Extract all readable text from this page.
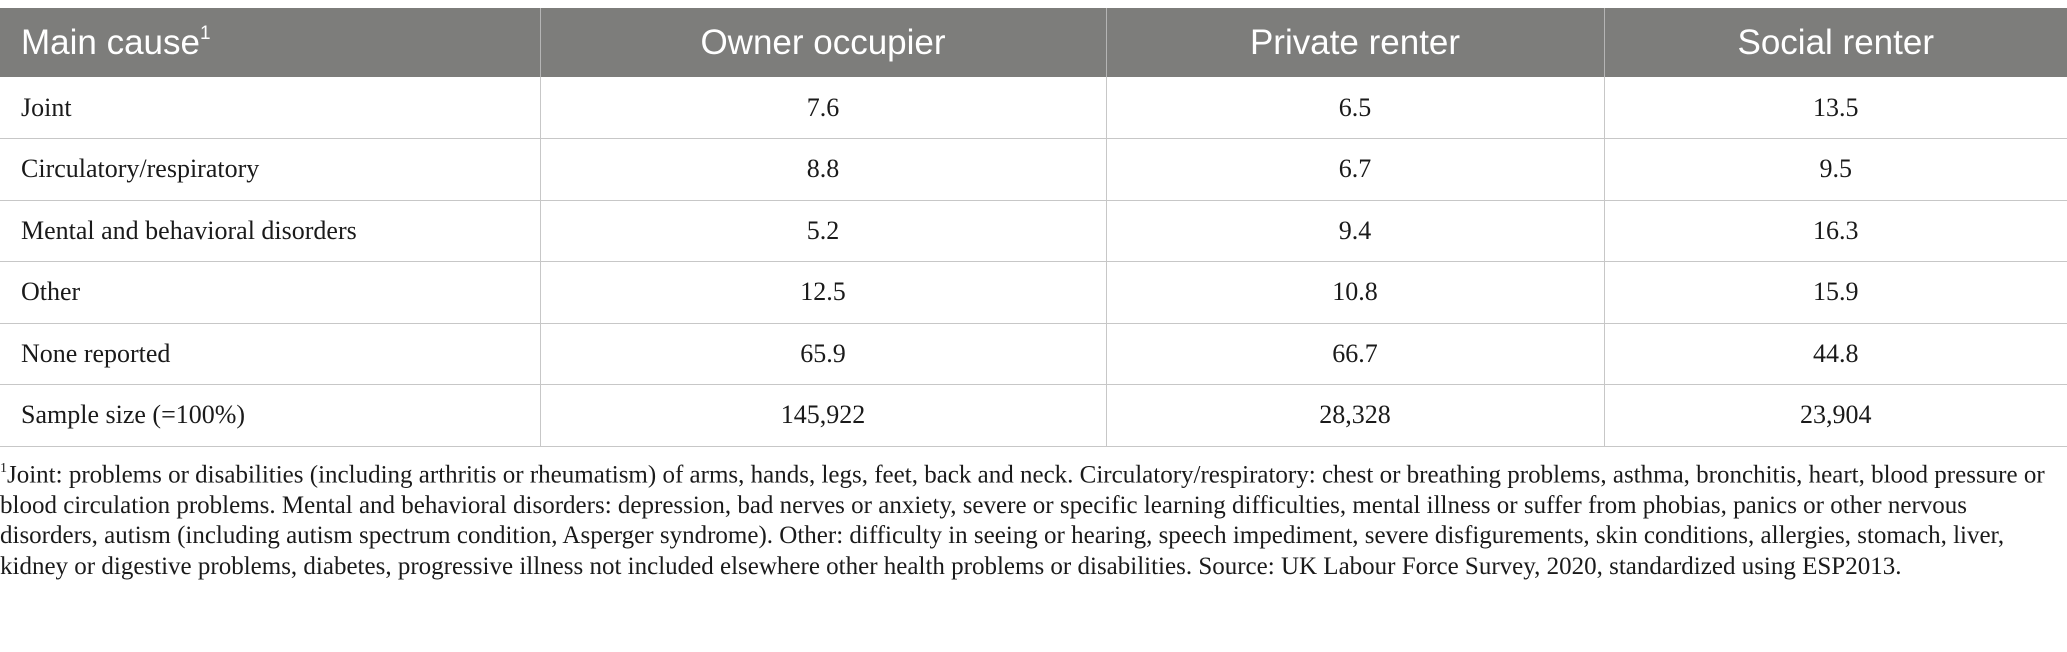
Main cause$^1$	Owner occupier	Private renter	Social renter
Joint	7.6	6.5	13.5
Circulatory/respiratory	8.8	6.7	9.5
Mental and behavioral disorders	5.2	9.4	16.3
Other	12.5	10.8	15.9
None reported	65.9	66.7	44.8
Sample size (=100%)	145,922	28,328	23,904

$^1$Joint: problems or disabilities (including arthritis or rheumatism) of arms, hands, legs, feet, back and neck. Circulatory/respiratory: chest or breathing problems, asthma, bronchitis, heart, blood pressure or blood circulation problems. Mental and behavioral disorders: depression, bad nerves or anxiety, severe or specific learning difficulties, mental illness or suffer from phobias, panics or other nervous disorders, autism (including autism spectrum condition, Asperger syndrome). Other: difficulty in seeing or hearing, speech impediment, severe disfigurements, skin conditions, allergies, stomach, liver, kidney or digestive problems, diabetes, progressive illness not included elsewhere other health problems or disabilities. Source: UK Labour Force Survey, 2020, standardized using ESP2013.
